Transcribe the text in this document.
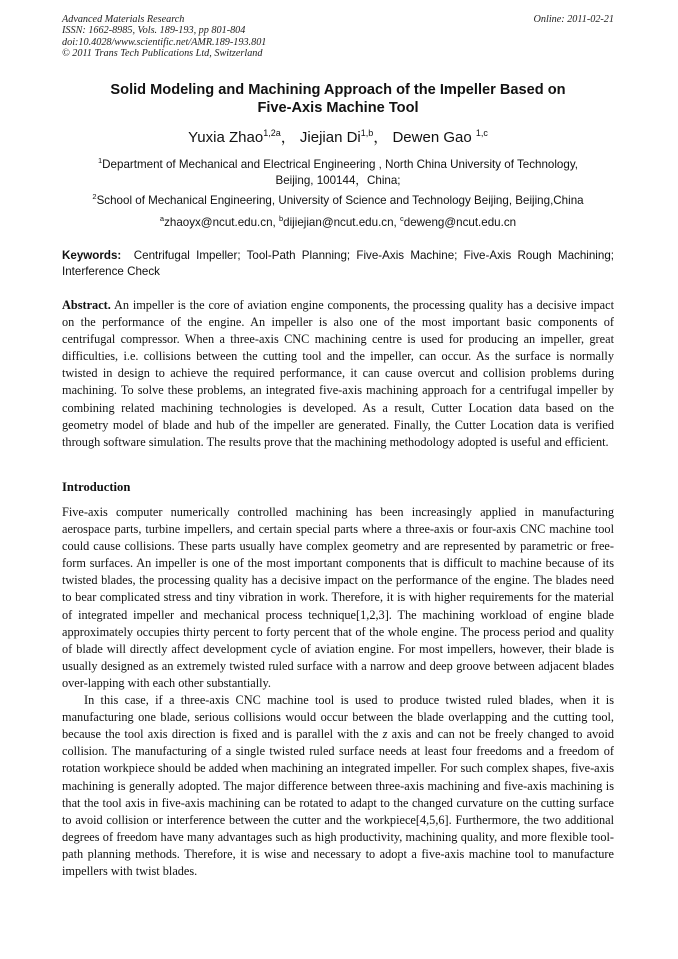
Advanced Materials Research
ISSN: 1662-8985, Vols. 189-193, pp 801-804
doi:10.4028/www.scientific.net/AMR.189-193.801
© 2011 Trans Tech Publications Ltd, Switzerland
Online: 2011-02-21
Solid Modeling and Machining Approach of the Impeller Based on
Five-Axis Machine Tool
Yuxia Zhao$^{1,2a}$， Jiejian Di$^{1,b}$， Dewen Gao $^{1,c}$
$^1$Department of Mechanical and Electrical Engineering , North China University of Technology,
Beijing, 100144，China;
$^2$School of Mechanical Engineering, University of Science and Technology Beijing, Beijing,China
$^a$zhaoyx@ncut.edu.cn, $^b$dijiejian@ncut.edu.cn, $^c$deweng@ncut.edu.cn
Keywords: Centrifugal Impeller; Tool-Path Planning; Five-Axis Machine; Five-Axis Rough Machining; Interference Check
Abstract. An impeller is the core of aviation engine components, the processing quality has a decisive impact on the performance of the engine. An impeller is also one of the most important basic components of centrifugal compressor. When a three-axis CNC machining centre is used for producing an impeller, great difficulties, i.e. collisions between the cutting tool and the impeller, can occur. As the surface is normally twisted in design to achieve the required performance, it can cause overcut and collision problems during machining. To solve these problems, an integrated five-axis machining approach for a centrifugal impeller by combining related machining technologies is developed. As a result, Cutter Location data based on the geometry model of blade and hub of the impeller are generated. Finally, the Cutter Location data is verified through software simulation. The results prove that the machining methodology adopted is useful and efficient.
Introduction

Five-axis computer numerically controlled machining has been increasingly applied in manufacturing aerospace parts, turbine impellers, and certain special parts where a three-axis or four-axis CNC machine tool could cause collisions. These parts usually have complex geometry and are represented by parametric or free-form surfaces. An impeller is one of the most important components that is difficult to machine because of its twisted blades, the processing quality has a decisive impact on the performance of the engine. The blades need to bear complicated stress and tiny vibration in work. Therefore, it is with higher requirements for the material of integrated impeller and mechanical process technique[1,2,3]. The machining workload of engine blade approximately occupies thirty percent to forty percent that of the whole engine. The process period and quality of blade will directly affect development cycle of aviation engine. For most impellers, however, their blade is usually designed as an extremely twisted ruled surface with a narrow and deep groove between adjacent blades over-lapping with each other substantially.

In this case, if a three-axis CNC machine tool is used to produce twisted ruled blades, when it is manufacturing one blade, serious collisions would occur between the blade overlapping and the cutting tool, because the tool axis direction is fixed and is parallel with the z axis and can not be freely changed to avoid collision. The manufacturing of a single twisted ruled surface needs at least four freedoms and a freedom of rotation workpiece should be added when machining an integrated impeller. For such complex shapes, five-axis machining is generally adopted. The major difference between three-axis machining and five-axis machining is that the tool axis in five-axis machining can be rotated to adapt to the changed curvature on the cutting surface to avoid collision or interference between the cutter and the workpiece[4,5,6]. Furthermore, the two additional degrees of freedom have many advantages such as high productivity, machining quality, and more flexible tool-path planning methods. Therefore, it is wise and necessary to adopt a five-axis machine tool to manufacture impellers with twist blades.
